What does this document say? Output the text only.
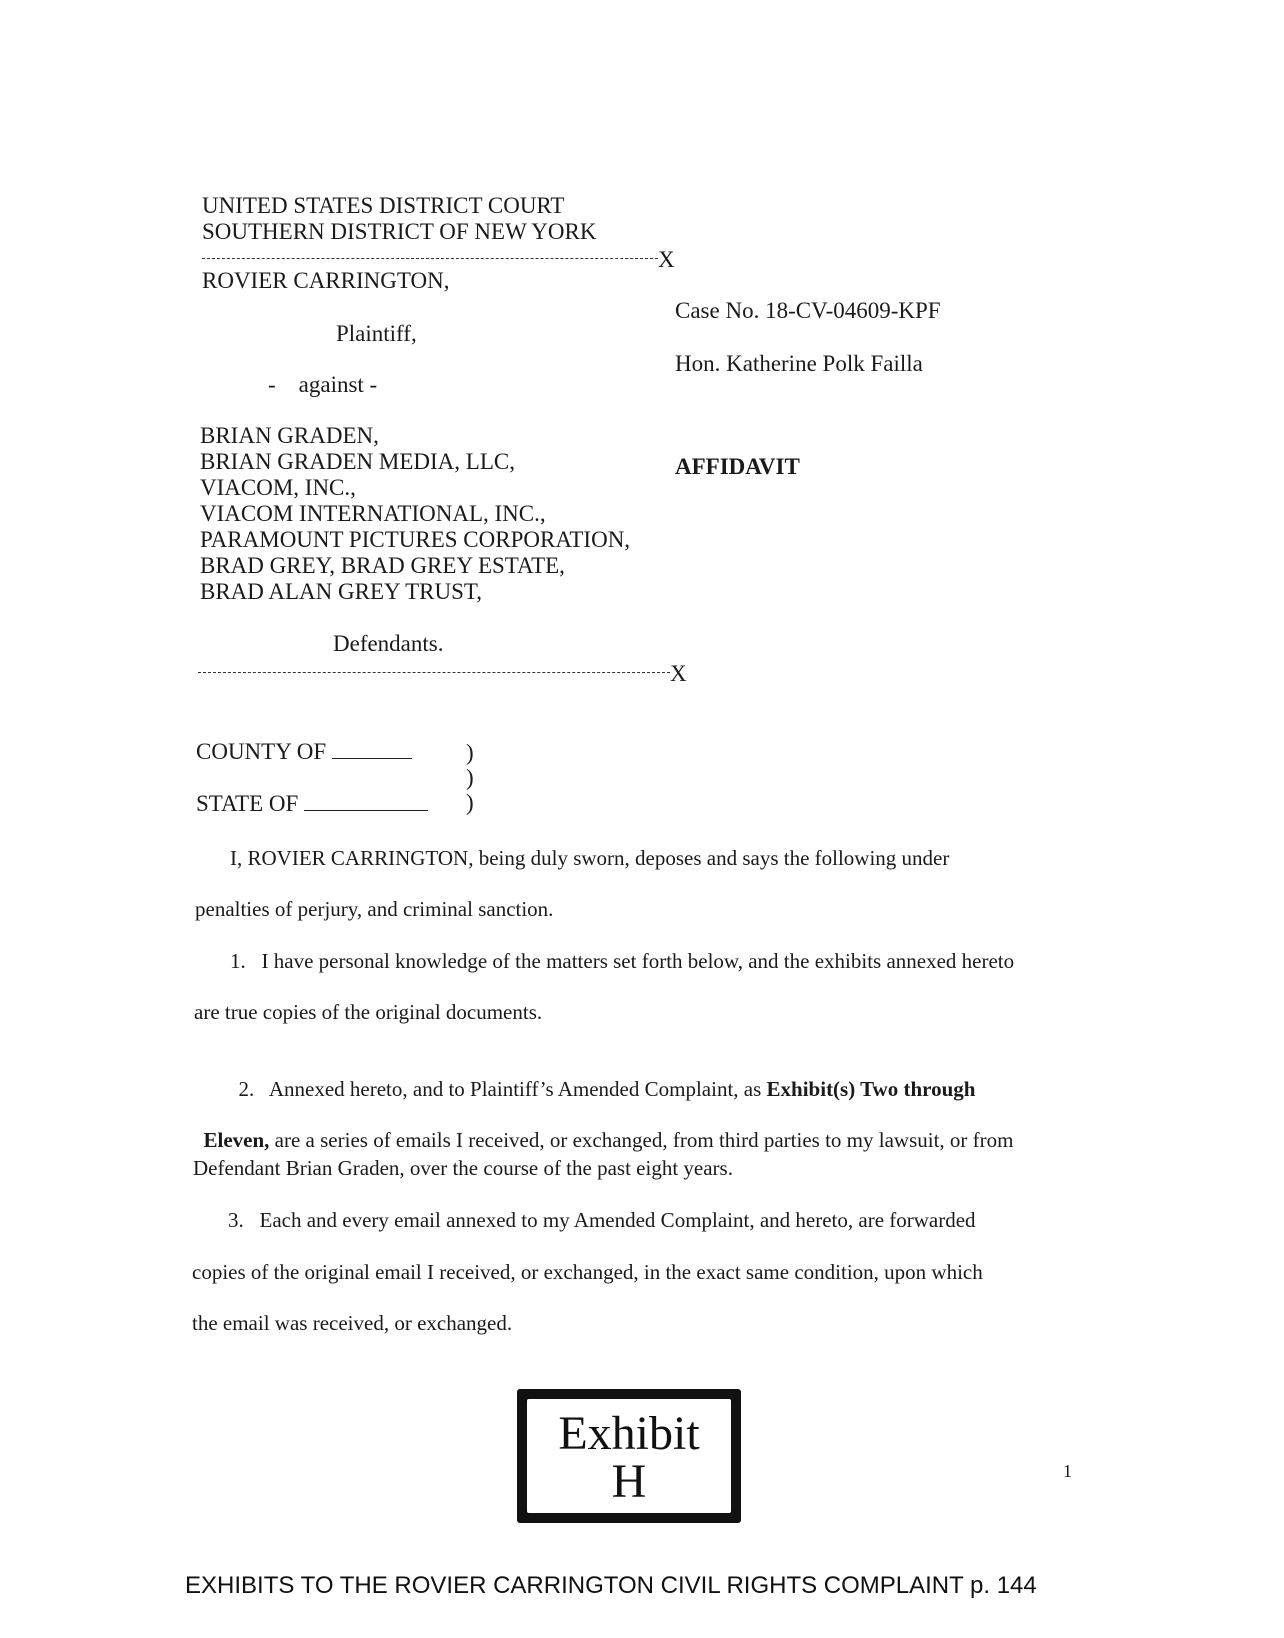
UNITED STATES DISTRICT COURT
SOUTHERN DISTRICT OF NEW YORK
X
ROVIER CARRINGTON,
Plaintiff,
-    against -
BRIAN GRADEN,
BRIAN GRADEN MEDIA, LLC,
VIACOM, INC.,
VIACOM INTERNATIONAL, INC.,
PARAMOUNT PICTURES CORPORATION,
BRAD GREY, BRAD GREY ESTATE,
BRAD ALAN GREY TRUST,
Defendants.
X
Case No. 18-CV-04609-KPF
Hon. Katherine Polk Failla
AFFIDAVIT
COUNTY OF
STATE OF
)
)
)
I, ROVIER CARRINGTON, being duly sworn, deposes and says the following under
penalties of perjury, and criminal sanction.
1.   I have personal knowledge of the matters set forth below, and the exhibits annexed hereto
are true copies of the original documents.

2.   Annexed hereto, and to Plaintiff’s Amended Complaint, as Exhibit(s) Two through

Eleven, are a series of emails I received, or exchanged, from third parties to my lawsuit, or from

Defendant Brian Graden, over the course of the past eight years.
3.   Each and every email annexed to my Amended Complaint, and hereto, are forwarded
copies of the original email I received, or exchanged, in the exact same condition, upon which
the email was received, or exchanged.
Exhibit
H	1
EXHIBITS TO THE ROVIER CARRINGTON CIVIL RIGHTS COMPLAINT p. 144
